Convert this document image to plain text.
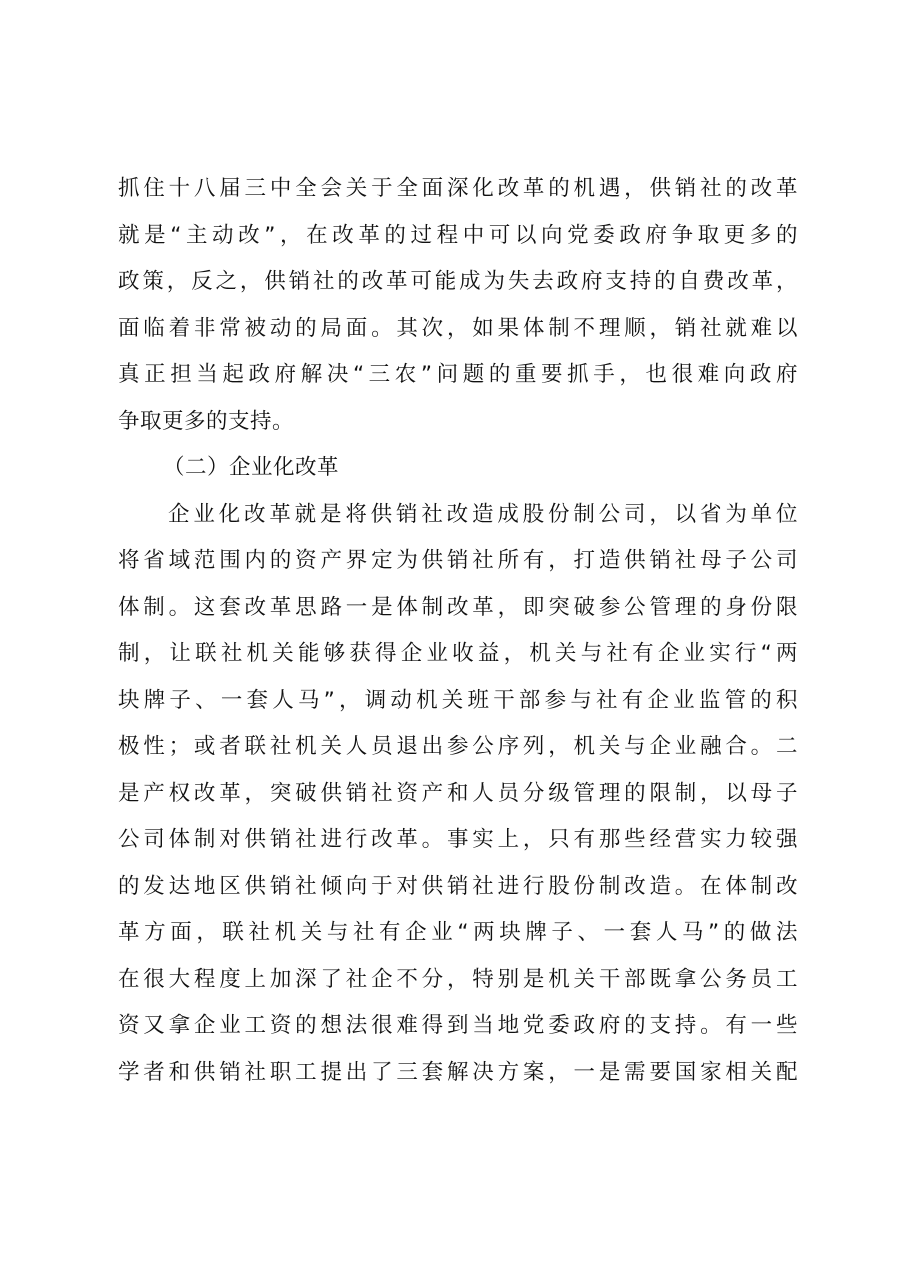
抓住十八届三中全会关于全面深化改革的机遇，供销社的改革
就是“主动改”，在改革的过程中可以向党委政府争取更多的
政策，反之，供销社的改革可能成为失去政府支持的自费改革，
面临着非常被动的局面。其次，如果体制不理顺，销社就难以
真正担当起政府解决“三农”问题的重要抓手，也很难向政府
争取更多的支持。
（二）企业化改革
企业化改革就是将供销社改造成股份制公司，以省为单位
将省域范围内的资产界定为供销社所有，打造供销社母子公司
体制。这套改革思路一是体制改革，即突破参公管理的身份限
制，让联社机关能够获得企业收益，机关与社有企业实行“两
块牌子、一套人马”，调动机关班干部参与社有企业监管的积
极性；或者联社机关人员退出参公序列，机关与企业融合。二
是产权改革，突破供销社资产和人员分级管理的限制，以母子
公司体制对供销社进行改革。事实上，只有那些经营实力较强
的发达地区供销社倾向于对供销社进行股份制改造。在体制改
革方面，联社机关与社有企业“两块牌子、一套人马”的做法
在很大程度上加深了社企不分，特别是机关干部既拿公务员工
资又拿企业工资的想法很难得到当地党委政府的支持。有一些
学者和供销社职工提出了三套解决方案，一是需要国家相关配
